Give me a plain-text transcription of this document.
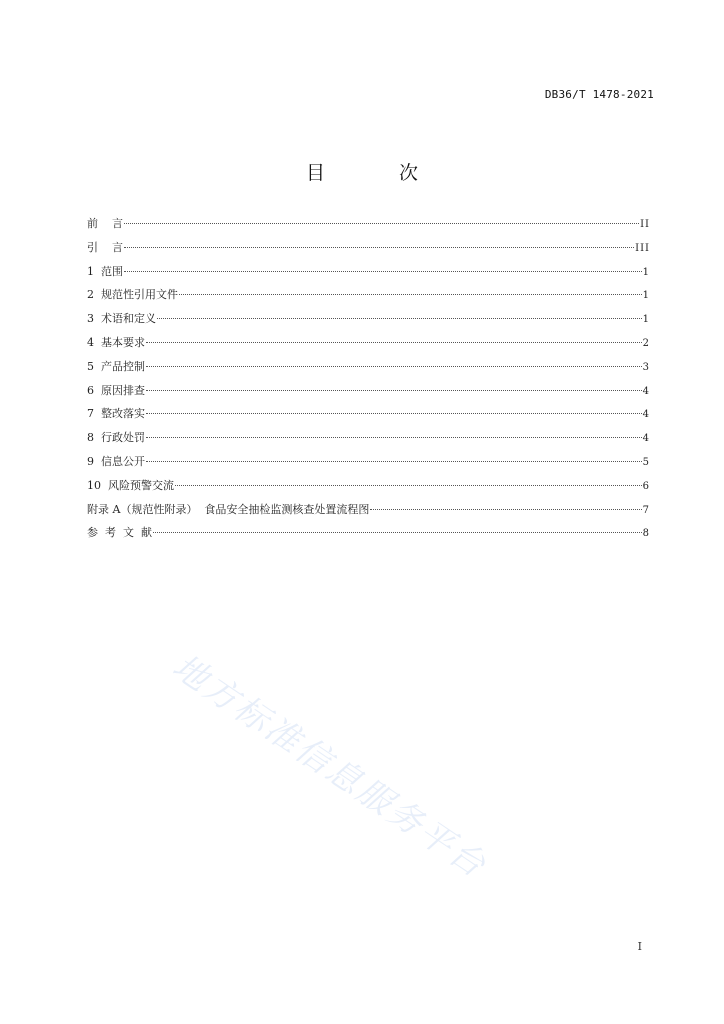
DB36/T 1478-2021
目 次
前    言	II
引    言	III
1  范围	1
2  规范性引用文件	1
3  术语和定义	1
4  基本要求	2
5  产品控制	3
6  原因排查	4
7  整改落实	4
8  行政处罚	4
9  信息公开	5
10  风险预警交流	6
附录 A（规范性附录）  食品安全抽检监测核查处置流程图	7
参  考  文  献	8
地方标准信息服务平台
I
